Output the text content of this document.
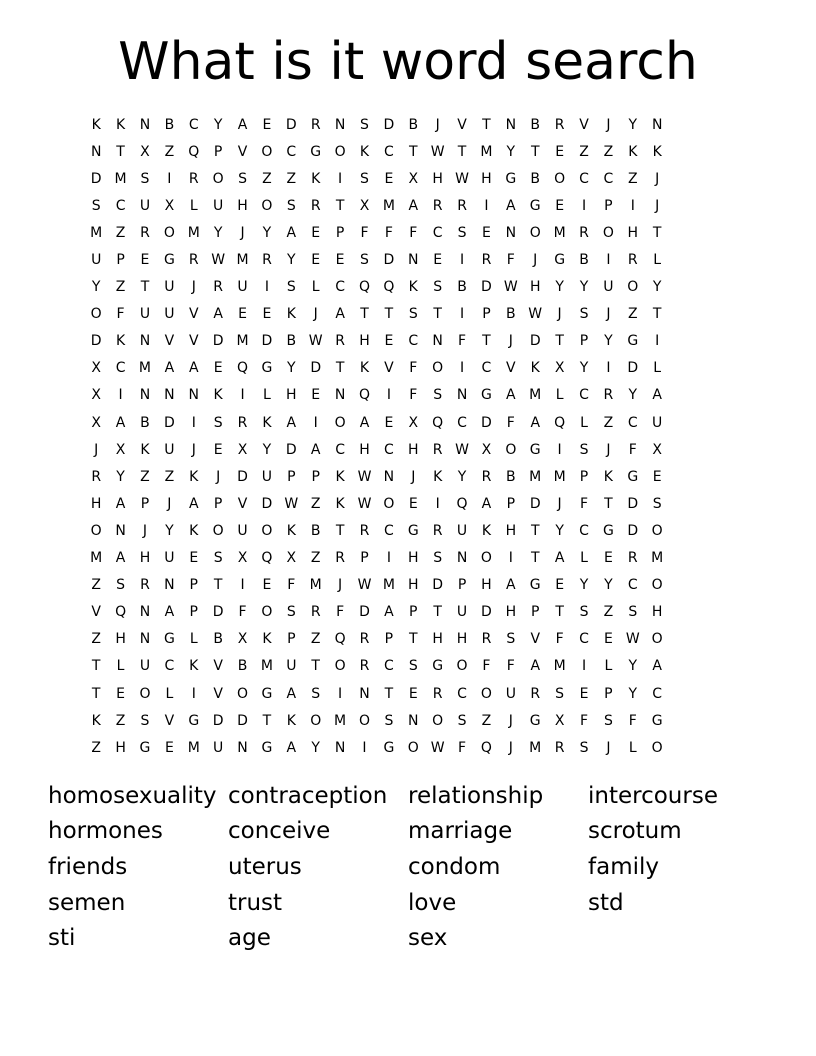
What is it word search
K	K	N	B	C	Y	A	E	D	R	N	S	D	B	J	V	T	N	B	R	V	J	Y	N
N	T	X	Z	Q	P	V	O C	G O	K	C	T W T	M	Y	T	E	Z	Z	K	K
D M S	I	R	O	S	Z	Z	K	I	S	E	X	H W H G	B	O C	C	Z	J
S	C	U	X	L	U	H O	S	R	T	X M A	R	R	I	A	G	E	I	P	I	J
M Z	R	O M	Y	J	Y	A	E	P	F	F	F	C	S	E	N O M R	O H	T
U	P	E	G	R W M R	Y	E	E	S	D N	E	I	R	F	J	G	B	I	R	L
Y	Z	T	U	J	R	U	I	S	L	C Q Q	K	S	B	D W H	Y	Y	U O	Y
O	F	U	U	V	A	E	E	K	J	A	T	T	S	T	I	P	B W	J	S	J	Z	T
D	K	N	V	V	D M D	B W R	H	E	C	N	F	T	J	D	T	P	Y	G	I
X	C M A	A	E	Q G	Y	D	T	K	V	F	O	I	C	V	K	X	Y	I	D	L
X	I	N N N	K	I	L	H	E	N Q	I	F	S	N G	A M	L	C	R	Y	A
X	A	B	D	I	S	R	K	A	I	O	A	E	X	Q C	D	F	A	Q	L	Z	C	U
J	X	K	U	J	E	X	Y	D	A	C	H	C	H	R W X	O G	I	S	J	F	X
R	Y	Z	Z	K	J	D U	P	P	K W N	J	K	Y	R	B M M	P	K	G	E
H	A	P	J	A	P	V	D W Z	K W O	E	I	Q	A	P	D	J	F	T	D	S
O N	J	Y	K	O U O	K	B	T	R	C	G	R	U	K	H	T	Y	C	G D O
M A	H	U	E	S	X	Q	X	Z	R	P	I	H	S	N O	I	T	A	L	E	R M
Z	S	R	N	P	T	I	E	F	M	J	W M H D	P	H	A	G	E	Y	Y	C O
V	Q N	A	P	D	F	O	S	R	F	D	A	P	T	U D H	P	T	S	Z	S	H
Z	H N G	L	B	X	K	P	Z	Q	R	P	T	H H	R	S	V	F	C	E W O
T	L	U	C	K	V	B M U	T	O	R	C	S	G O	F	F	A M	I	L	Y	A
T	E	O	L	I	V	O G	A	S	I	N	T	E	R	C O U	R	S	E	P	Y	C
K	Z	S	V	G D D	T	K	O M O	S	N O	S	Z	J	G	X	F	S	F	G
Z	H G	E M U	N G	A	Y	N	I	G O W F	Q	J	M R	S	J	L	O
homosexuality contraception relationship	intercourse
hormones	conceive	marriage	scrotum
friends	uterus	condom	family
semen	trust	love	std
sti	age	sex
